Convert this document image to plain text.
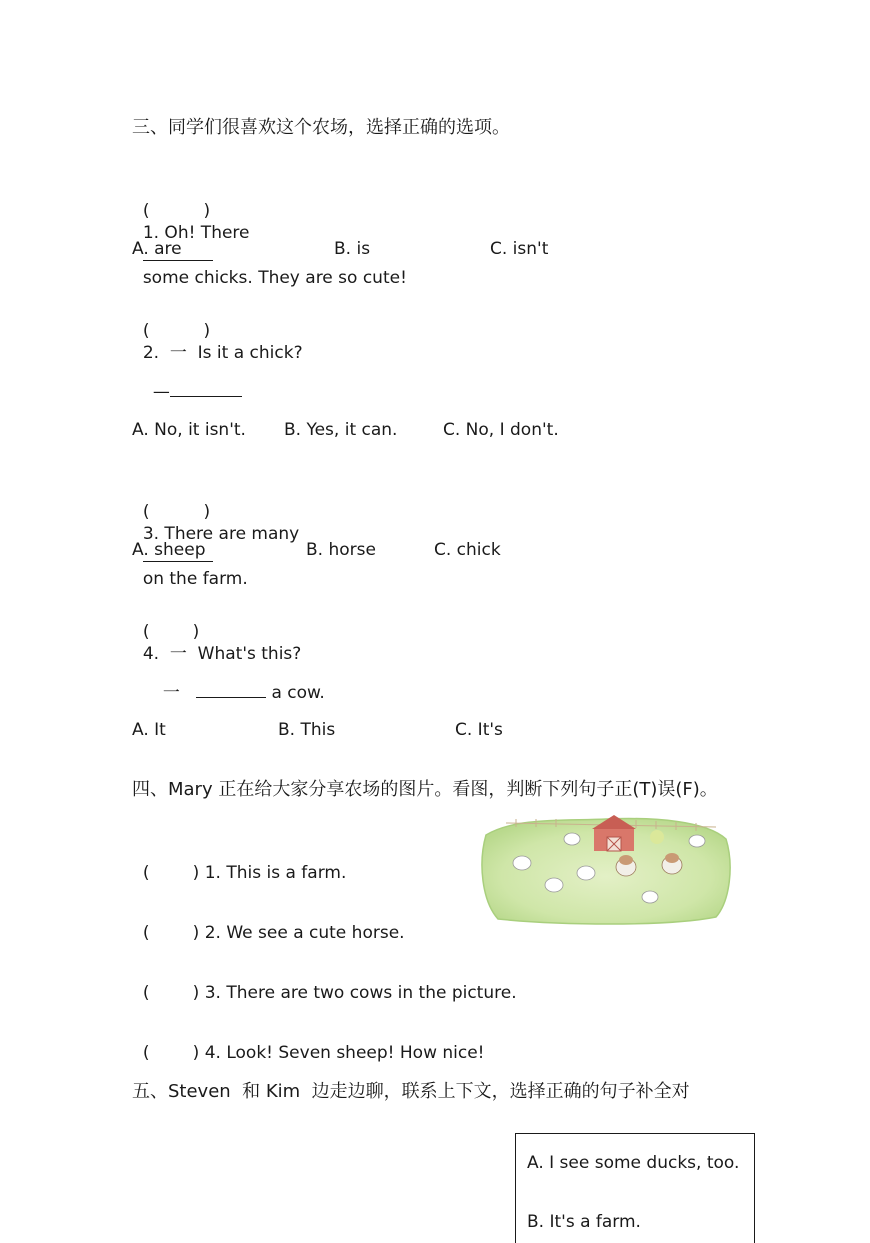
三、同学们很喜欢这个农场，选择正确的选项。

(          )
1. Oh! There

some chicks. They are so cute!

A. are	B. is	C. isn't

(          )
2.  一  Is it a chick?

—

A. No, it isn't. B. Yes, it can.	C. No, I don't.

(          )
3. There are many

on the farm.

A. sheep	B. horse	C. chick

(        )
4.  一  What's this?

一	a cow.

A. It	B. This	C. It's
四、Mary 正在给大家分享农场的图片。看图，判断下列句子正(T)误(F)。

(        ) 1. This is a farm.

(        ) 2. We see a cute horse.

(        ) 3. There are two cows in the picture.

(        ) 4. Look! Seven sheep! How nice!

五、Steven  和 Kim  边走边聊，联系上下文，选择正确的句子补全对
A. I see some ducks, too.
B. It's a farm.
